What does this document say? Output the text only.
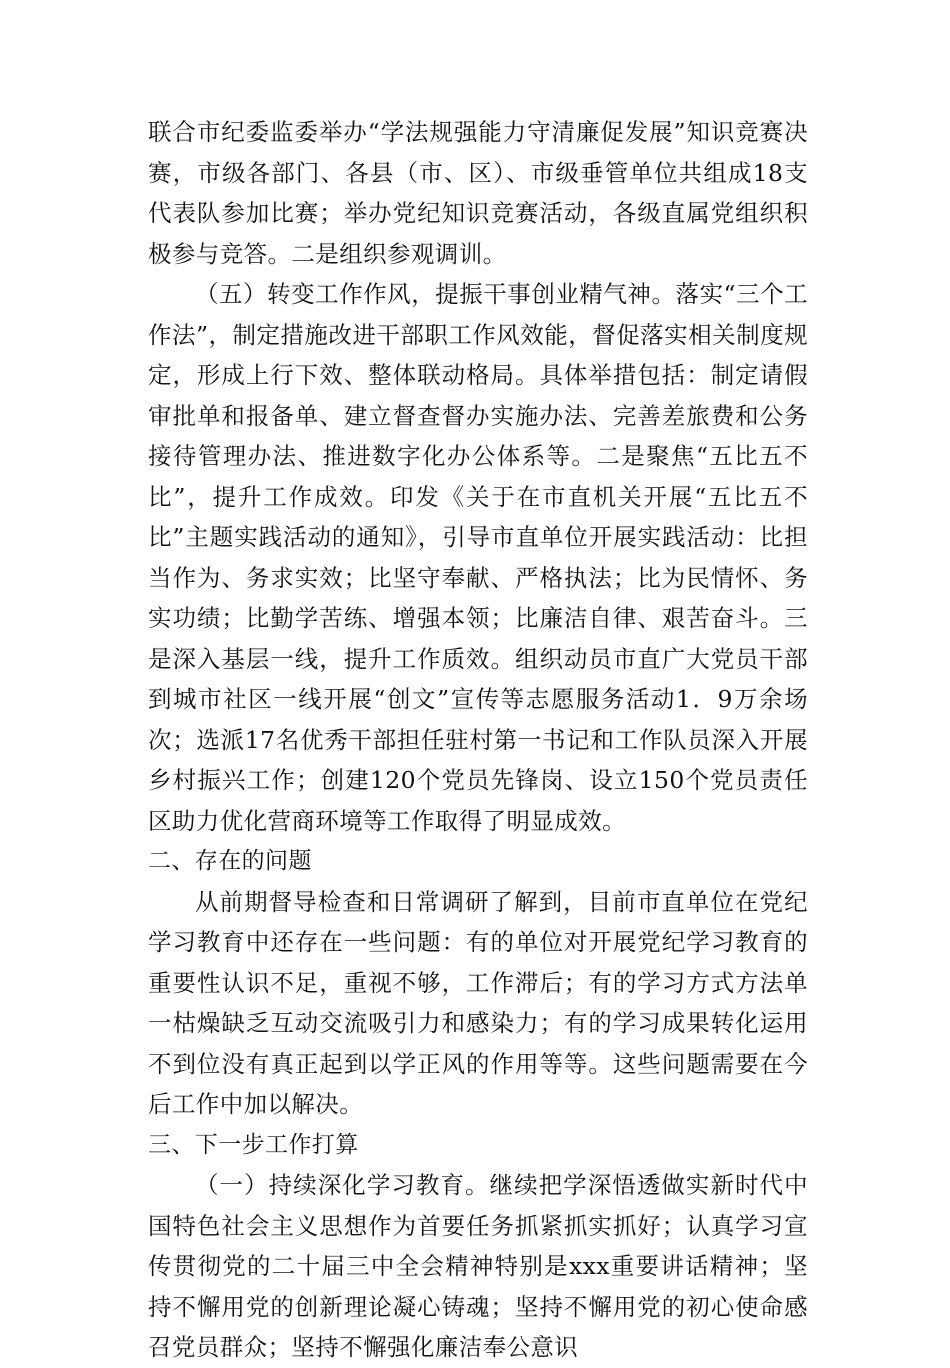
联合市纪委监委举办“学法规强能力守清廉促发展”知识竞赛决赛，市级各部门、各县（市、区）、市级垂管单位共组成18支代表队参加比赛；举办党纪知识竞赛活动，各级直属党组织积极参与竞答。二是组织参观调训。

（五）转变工作作风，提振干事创业精气神。落实“三个工作法”，制定措施改进干部职工作风效能，督促落实相关制度规定，形成上行下效、整体联动格局。具体举措包括：制定请假审批单和报备单、建立督查督办实施办法、完善差旅费和公务接待管理办法、推进数字化办公体系等。二是聚焦“五比五不比”，提升工作成效。印发《关于在市直机关开展“五比五不比”主题实践活动的通知》，引导市直单位开展实践活动：比担当作为、务求实效；比坚守奉献、严格执法；比为民情怀、务实功绩；比勤学苦练、增强本领；比廉洁自律、艰苦奋斗。三是深入基层一线，提升工作质效。组织动员市直广大党员干部到城市社区一线开展“创文”宣传等志愿服务活动1．9万余场次；选派17名优秀干部担任驻村第一书记和工作队员深入开展乡村振兴工作；创建120个党员先锋岗、设立150个党员责任区助力优化营商环境等工作取得了明显成效。

二、存在的问题

从前期督导检查和日常调研了解到，目前市直单位在党纪学习教育中还存在一些问题：有的单位对开展党纪学习教育的重要性认识不足，重视不够，工作滞后；有的学习方式方法单一枯燥缺乏互动交流吸引力和感染力；有的学习成果转化运用不到位没有真正起到以学正风的作用等等。这些问题需要在今后工作中加以解决。

三、下一步工作打算

（一）持续深化学习教育。继续把学深悟透做实新时代中国特色社会主义思想作为首要任务抓紧抓实抓好；认真学习宣传贯彻党的二十届三中全会精神特别是xxx重要讲话精神；坚持不懈用党的创新理论凝心铸魂；坚持不懈用党的初心使命感召党员群众；坚持不懈强化廉洁奉公意识
